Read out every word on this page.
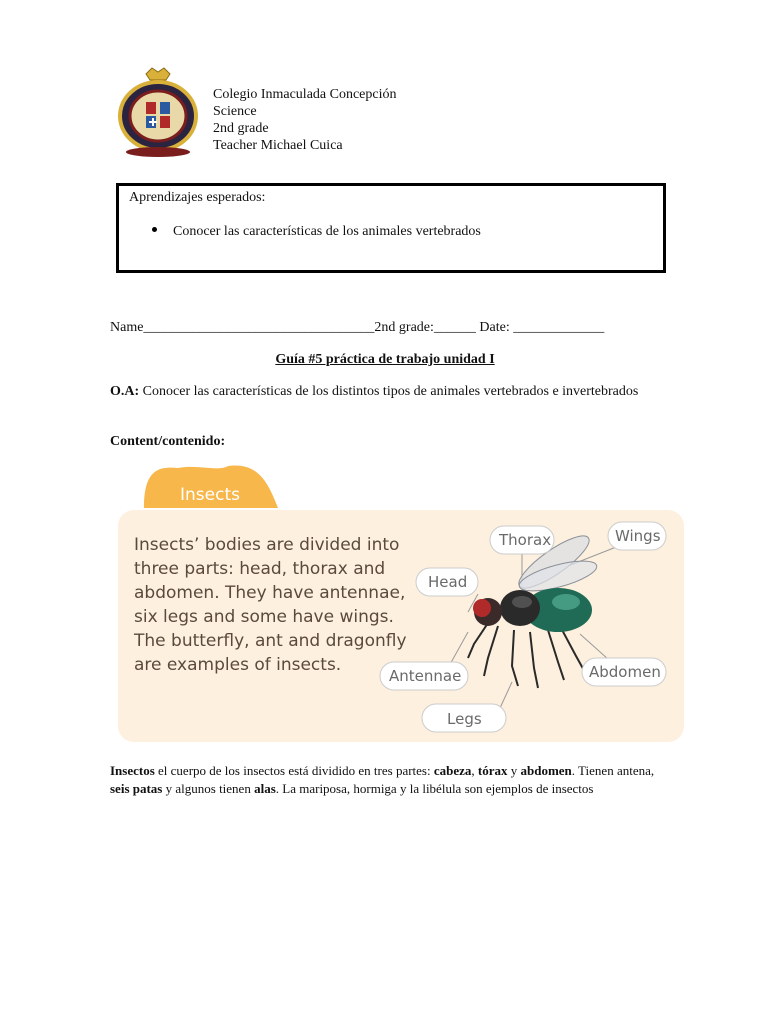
Colegio Inmaculada Concepción
Science
2nd grade
Teacher Michael Cuica
Aprendizajes esperados:
Conocer las características de los animales vertebrados
Name_________________________________2nd grade:______ Date: _____________
Guía #5 práctica de trabajo unidad I
O.A: Conocer las características de los distintos tipos de animales vertebrados e invertebrados
Content/contenido:
Insects
Insects’ bodies are divided into
three parts: head, thorax and
abdomen. They have antennae,
six legs and some have wings.
The butterfly, ant and dragonfly
are examples of insects.
Thorax	Wings
Head
Abdomen
Antennae
Legs
Insectos el cuerpo de los insectos está dividido en tres partes: cabeza, tórax y abdomen. Tienen antena, seis patas y algunos tienen alas. La mariposa, hormiga y la libélula son ejemplos de insectos
